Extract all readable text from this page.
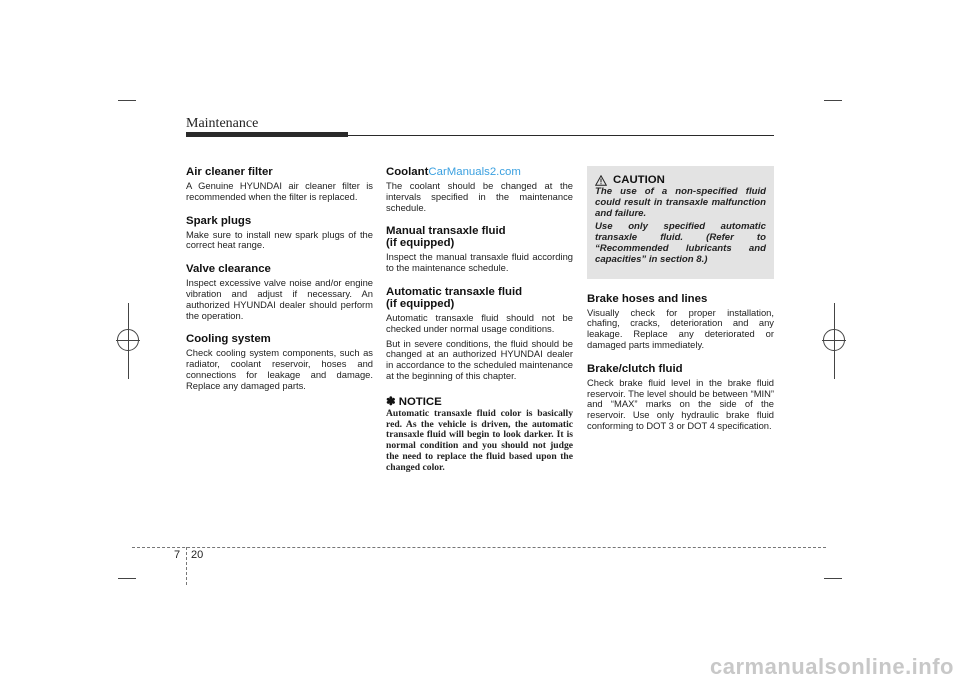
Maintenance
Air cleaner filter

A Genuine HYUNDAI air cleaner filter is recommended when the filter is replaced.

Spark plugs

Make sure to install new spark plugs of the correct heat range.

Valve clearance

Inspect excessive valve noise and/or engine vibration and adjust if necessary. An authorized HYUNDAI dealer should perform the operation.

Cooling system

Check cooling system components, such as radiator, coolant reservoir, hoses and connections for leakage and damage. Replace any damaged parts.

CoolantCarManuals2.com

The coolant should be changed at the intervals specified in the maintenance schedule.

Manual transaxle fluid
(if equipped)

Inspect the manual transaxle fluid according to the maintenance schedule.

Automatic transaxle fluid
(if equipped)

Automatic transaxle fluid should not be checked under normal usage conditions.

But in severe conditions, the fluid should be changed at an authorized HYUNDAI dealer in accordance to the scheduled maintenance at the beginning of this chapter.

✽ NOTICE

Automatic transaxle fluid color is basically red. As the vehicle is driven, the automatic transaxle fluid will begin to look darker. It is normal condition and you should not judge the need to replace the fluid based upon the changed color.

CAUTION

The use of a non-specified fluid could result in transaxle malfunction and failure.

Use only specified automatic transaxle fluid. (Refer to “Recommended lubricants and capacities” in section 8.)

Brake hoses and lines

Visually check for proper installation, chafing, cracks, deterioration and any leakage. Replace any deteriorated or damaged parts immediately.

Brake/clutch fluid

Check brake fluid level in the brake fluid reservoir. The level should be between “MIN” and “MAX” marks on the side of the reservoir. Use only hydraulic brake fluid conforming to DOT 3 or DOT 4 specification.

7 20
carmanualsonline.info
